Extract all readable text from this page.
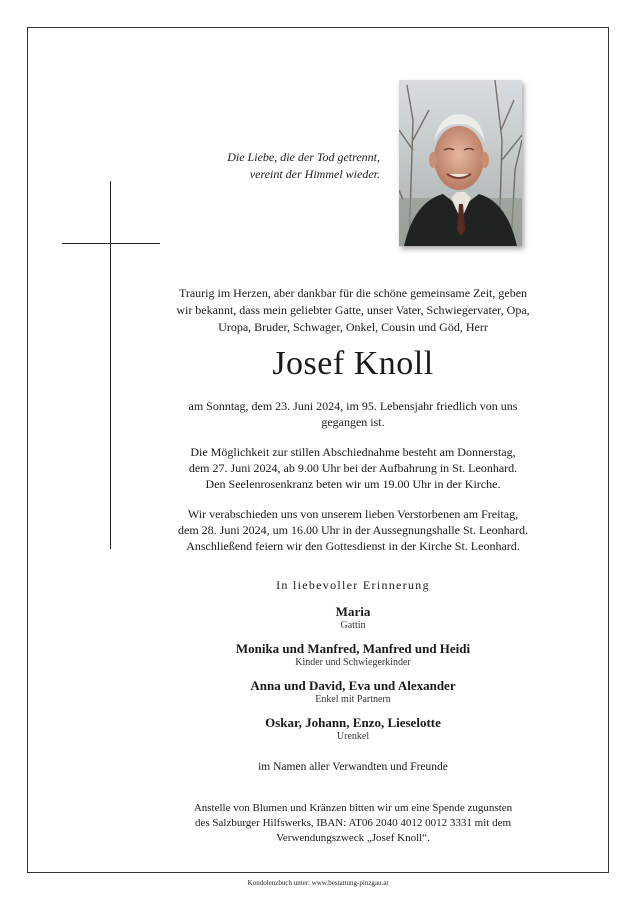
Die Liebe, die der Tod getrennt,
vereint der Himmel wieder.
Traurig im Herzen, aber dankbar für die schöne gemeinsame Zeit, geben
wir bekannt, dass mein geliebter Gatte, unser Vater, Schwiegervater, Opa,
Uropa, Bruder, Schwager, Onkel, Cousin und Göd, Herr
Josef Knoll
am Sonntag, dem 23. Juni 2024, im 95. Lebensjahr friedlich von uns
gegangen ist.
Die Möglichkeit zur stillen Abschiednahme besteht am Donnerstag,
dem 27. Juni 2024, ab 9.00 Uhr bei der Aufbahrung in St. Leonhard.
Den Seelenrosenkranz beten wir um 19.00 Uhr in der Kirche.
Wir verabschieden uns von unserem lieben Verstorbenen am Freitag,
dem 28. Juni 2024, um 16.00 Uhr in der Aussegnungshalle St. Leonhard.
Anschließend feiern wir den Gottesdienst in der Kirche St. Leonhard.
In liebevoller Erinnerung
Maria
Gattin
Monika und Manfred, Manfred und Heidi
Kinder und Schwiegerkinder
Anna und David, Eva und Alexander
Enkel mit Partnern
Oskar, Johann, Enzo, Lieselotte
Urenkel
im Namen aller Verwandten und Freunde
Anstelle von Blumen und Kränzen bitten wir um eine Spende zugunsten
des Salzburger Hilfswerks, IBAN: AT06 2040 4012 0012 3331 mit dem
Verwendungszweck „Josef Knoll“.
Kondolenzbuch unter: www.bestattung-pinzgau.at
